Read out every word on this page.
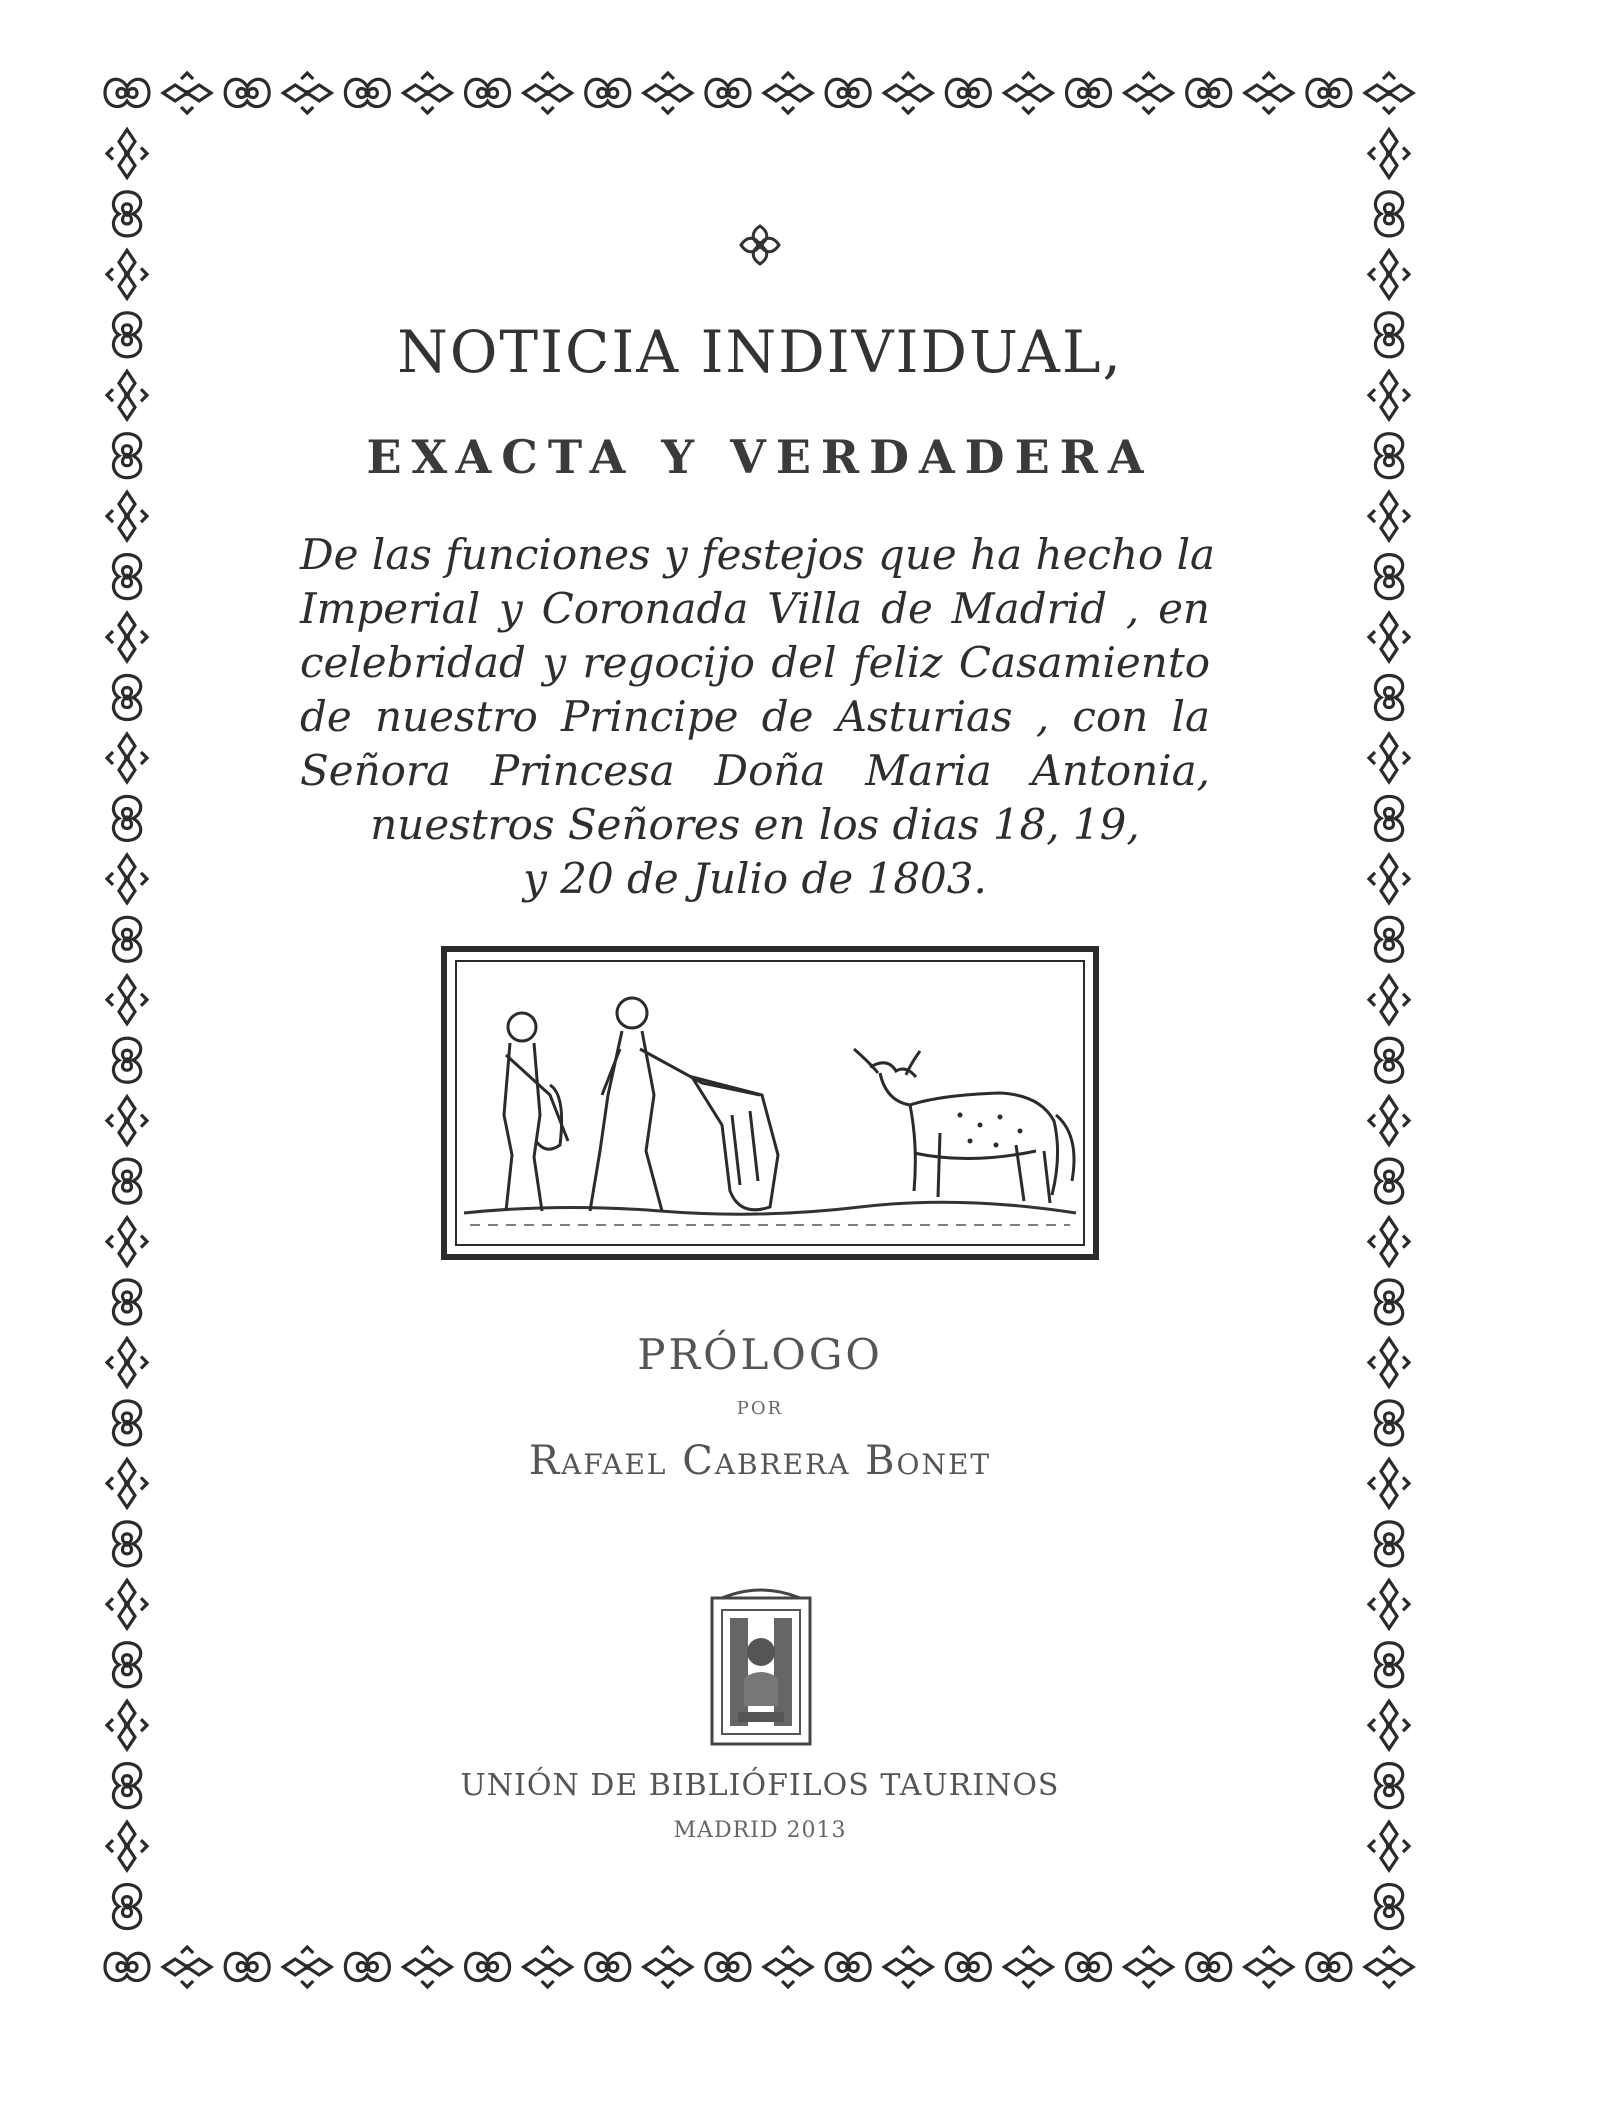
NOTICIA INDIVIDUAL,
EXACTA Y VERDADERA
De las funciones y festejos que ha hecho la
Imperial y Coronada Villa de Madrid , en
celebridad y regocijo del feliz Casamiento
de nuestro Principe de Asturias , con la
Señora Princesa Doña Maria Antonia,
nuestros Señores en los dias 18, 19,
y 20 de Julio de 1803.
PRÓLOGO
POR
Rafael Cabrera Bonet
UNIÓN DE BIBLIÓFILOS TAURINOS
MADRID 2013
